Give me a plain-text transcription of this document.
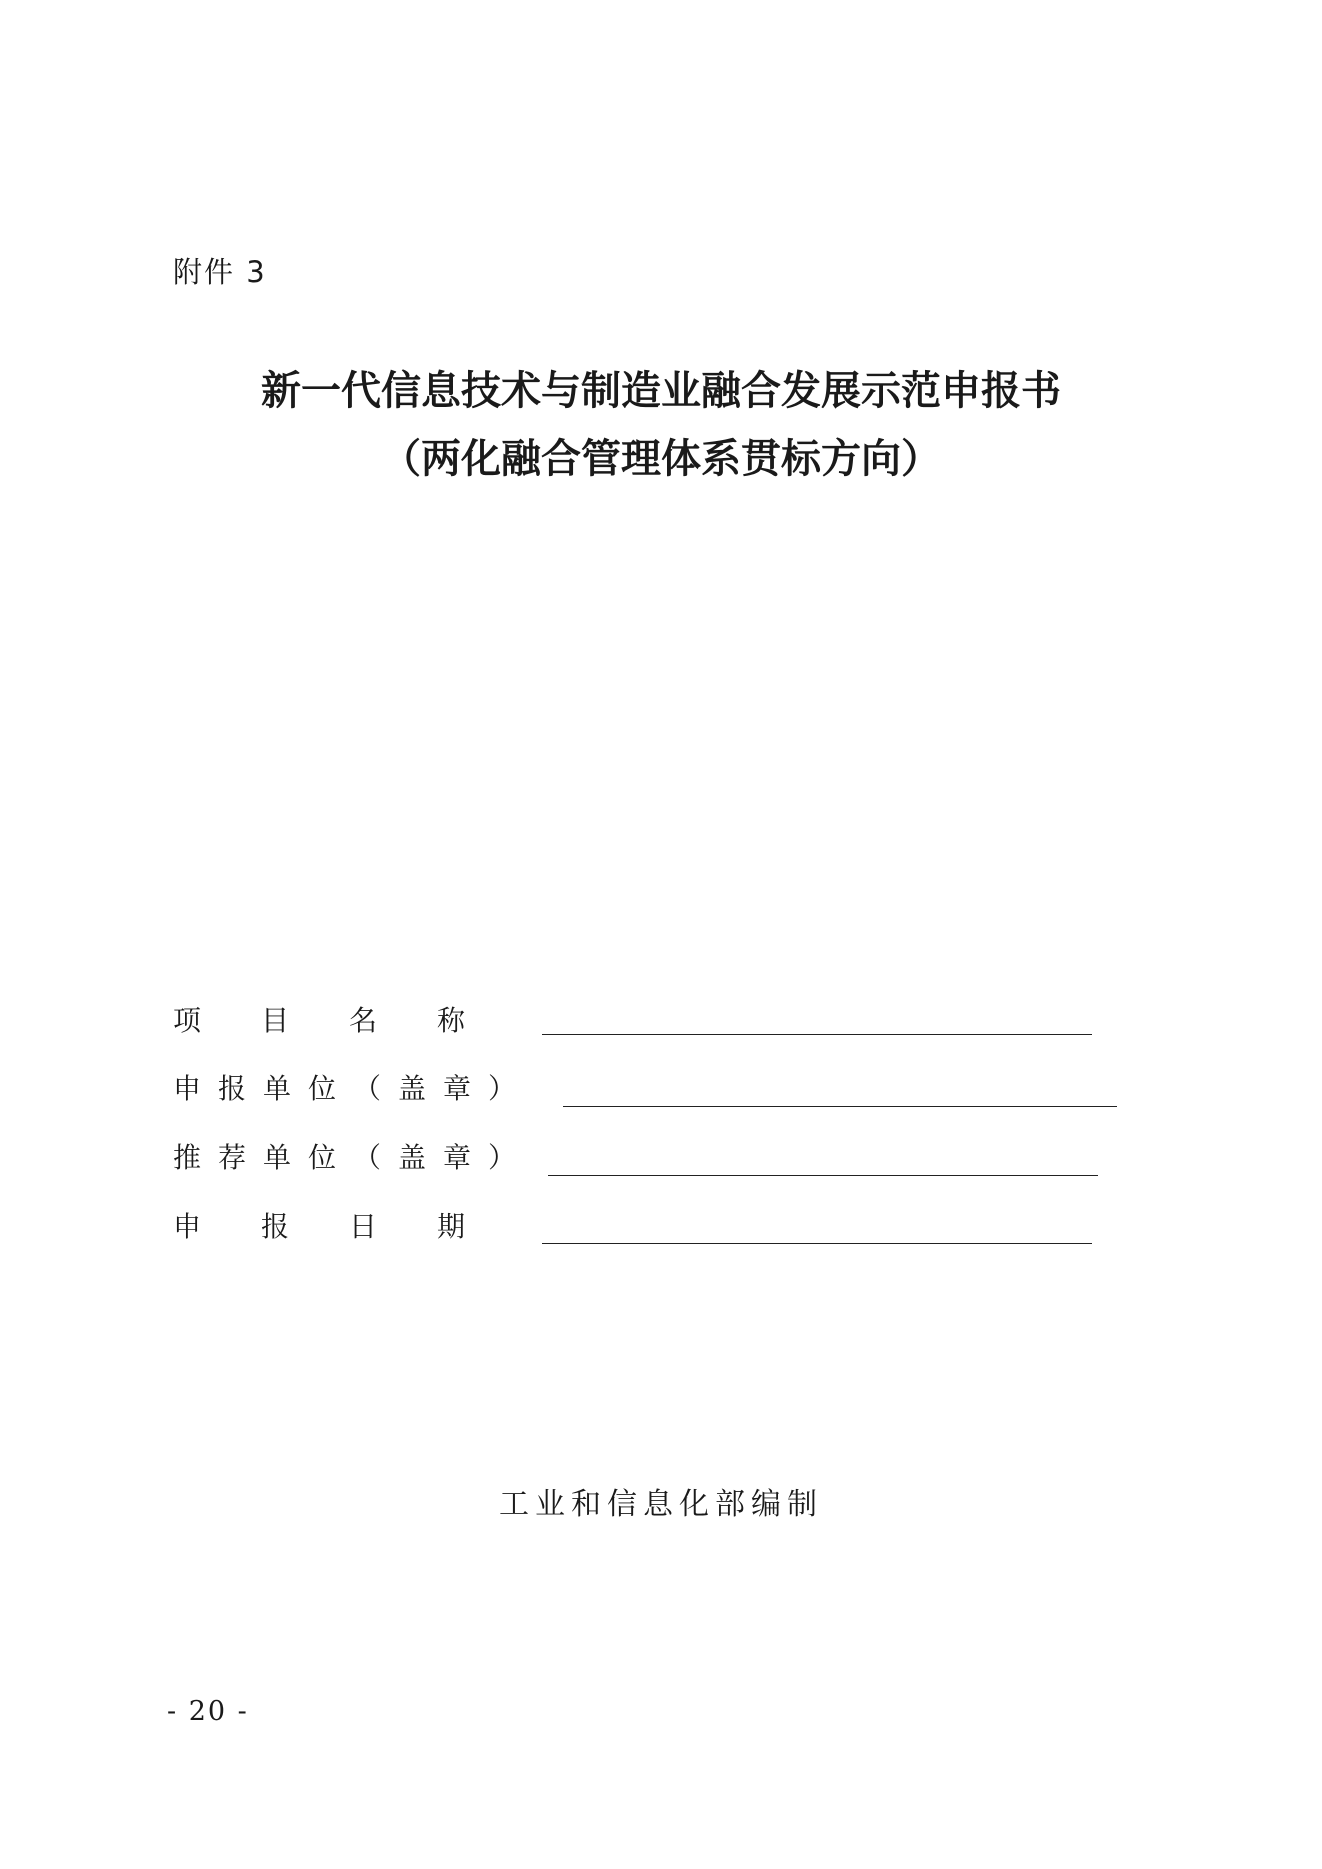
附件 3
新一代信息技术与制造业融合发展示范申报书
（两化融合管理体系贯标方向）
项目名称
申报单位（盖章）
推荐单位（盖章）
申报日期
工业和信息化部编制
- 20 -
